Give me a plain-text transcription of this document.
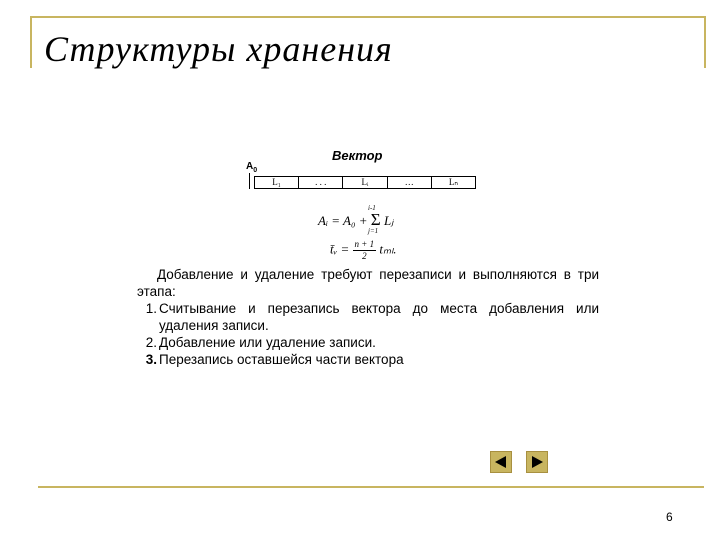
Структуры хранения
Вектор
$A_0$
L₁	. . .	Lᵢ	…	Lₙ
Aᵢ = A₀ + Σ
i-1
j=1
Lⱼ
t̄ᵥ = $\frac{n + 1}{2} t_{ml}$.

Добавление и удаление требуют перезаписи и выполняются в три этапа:

1. Считывание и перезапись вектора до места добавления или удаления записи.
2. Добавление или удаление записи.
3. Перезапись оставшейся части вектора
6
